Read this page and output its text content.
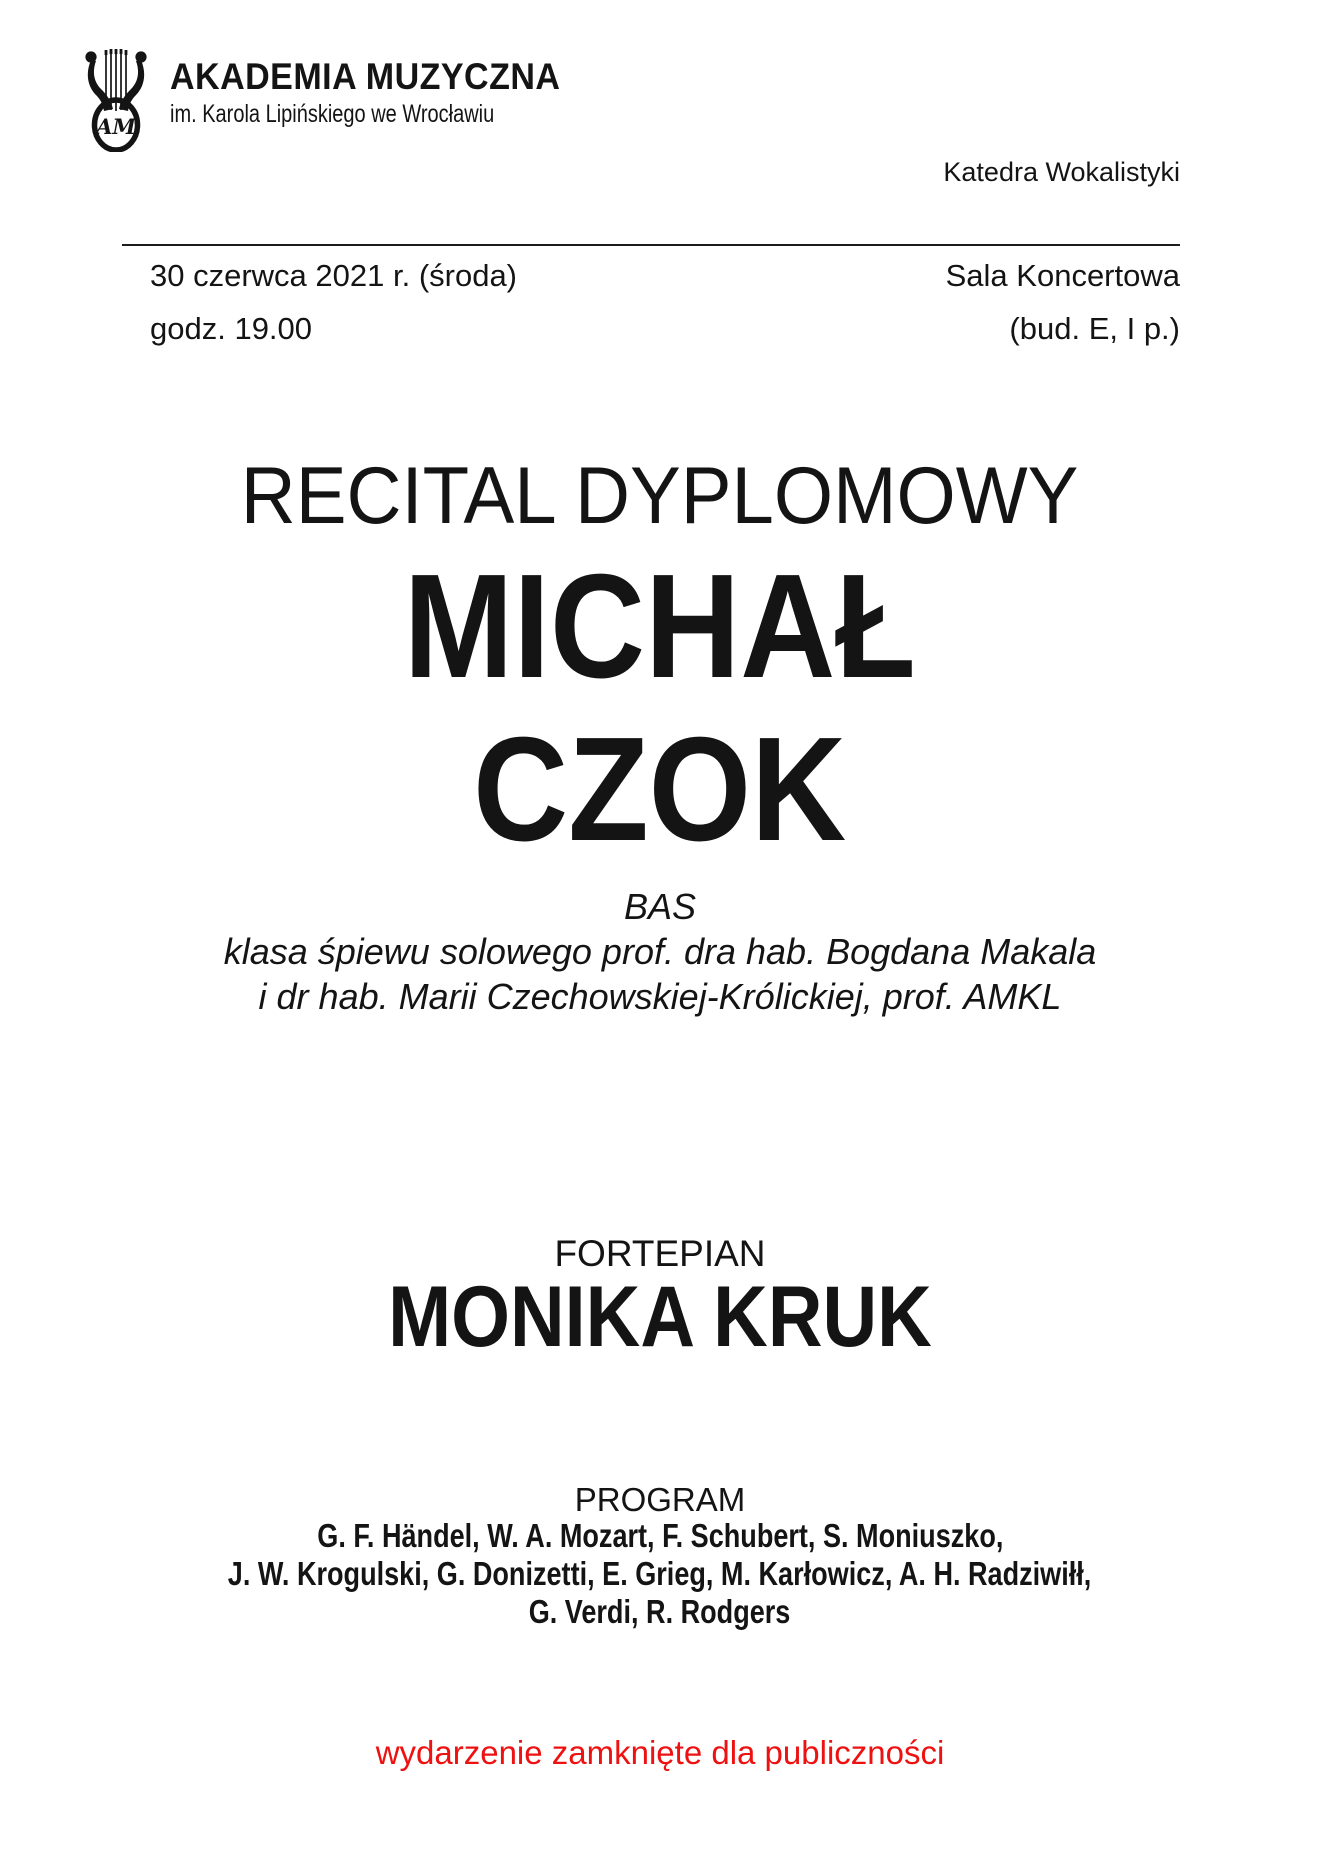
AM
AKADEMIA MUZYCZNA
im. Karola Lipińskiego we Wrocławiu
Katedra Wokalistyki
30 czerwca 2021 r. (środa)	Sala Koncertowa
godz. 19.00	(bud. E, I p.)
RECITAL DYPLOMOWY
MICHAŁ
CZOK
BAS
klasa śpiewu solowego prof. dra hab. Bogdana Makala
i dr hab. Marii Czechowskiej-Królickiej, prof. AMKL
FORTEPIAN
MONIKA KRUK
PROGRAM
G. F. Händel, W. A. Mozart, F. Schubert, S. Moniuszko,
J. W. Krogulski, G. Donizetti, E. Grieg, M. Karłowicz, A. H. Radziwiłł,
G. Verdi, R. Rodgers
wydarzenie zamknięte dla publiczności
